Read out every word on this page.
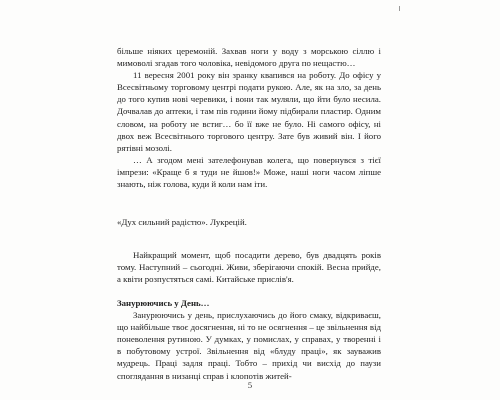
більше ніяких церемоній. Захвав ноги у воду з морською сіллю і мимоволі згадав того чоловіка, невідомого друга по нещастю…

11 вересня 2001 року він зранку квапився на роботу. До офісу у Всесвітньому торговому центрі подати рукою. Але, як на зло, за день до того купив нові черевики, і вони так муляли, що йти було несила. Дочвалав до аптеки, і там пів години йому підбирали пластир. Одним словом, на роботу не встиг… бо її вже не було. Ні самого офісу, ні двох веж Всесвітнього торгового центру. Зате був живий він. І його рятівні мозолі.

… А згодом мені зателефонував колега, що повернувся з тієї імпрези: «Краще б я туди не йшов!» Може, наші ноги часом ліпше знають, ніж голова, куди й коли нам іти.

«Дух сильний радістю». Лукрецій.

Найкращий момент, щоб посадити дерево, був двадцять років тому. Наступний – сьогодні. Живи, зберігаючи спокій. Весна прийде, а квіти розпустяться самі. Китайське прислів'я.

Занурюючись у День…

Занурюючись у день, прислухаючись до його смаку, відкриваєш, що найбільше твоє досягнення, ні то не осягнення – це звільнення від поневолення рутиною. У думках, у помислах, у справах, у творенні і в побутовому устрої. Звільнення від «блуду праці», як зауважив мудрець. Праці задля праці. Тобто – прихід чи висхід до паузи споглядання в низанці справ і клопотів житей-

5
